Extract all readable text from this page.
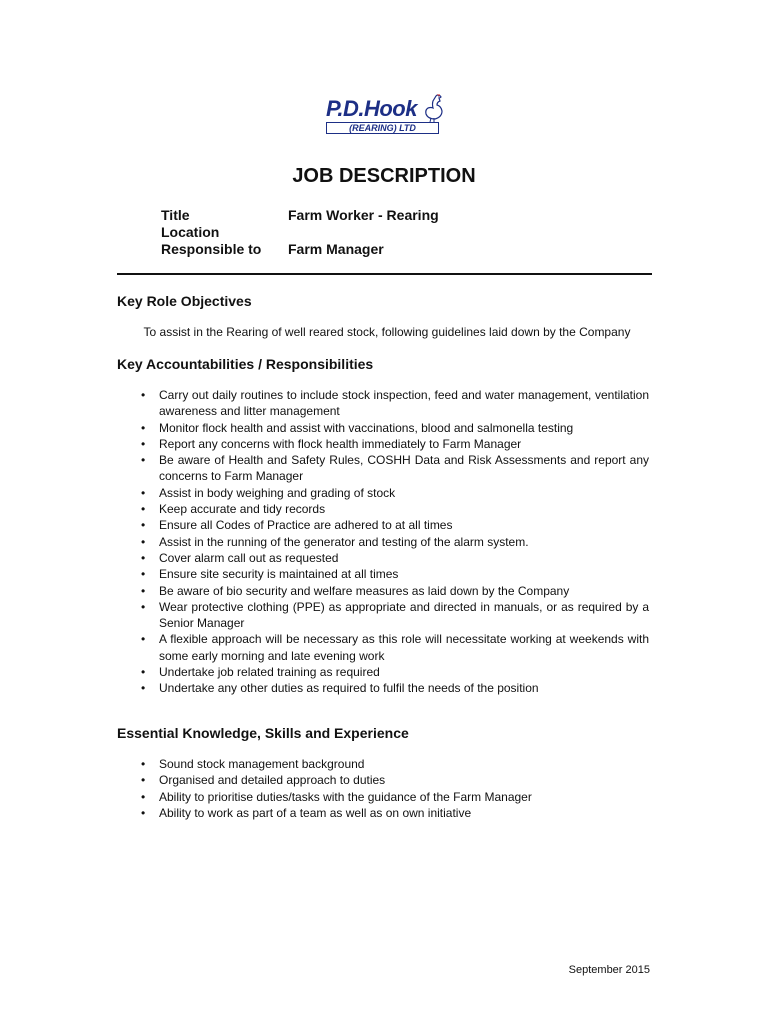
P.D.Hook
(REARING) LTD
JOB DESCRIPTION
Title	Farm Worker - Rearing
Location
Responsible to Farm Manager
Key Role Objectives
To assist in the Rearing of well reared stock, following guidelines laid down by the Company
Key Accountabilities / Responsibilities
• Carry out daily routines to include stock inspection, feed and water management, ventilation awareness and litter management
• Monitor flock health and assist with vaccinations, blood and salmonella testing
• Report any concerns with flock health immediately to Farm Manager
• Be aware of Health and Safety Rules, COSHH Data and Risk Assessments and report any concerns to Farm Manager
• Assist in body weighing and grading of stock
• Keep accurate and tidy records
• Ensure all Codes of Practice are adhered to at all times
• Assist in the running of the generator and testing of the alarm system.
• Cover alarm call out as requested
• Ensure site security is maintained at all times
• Be aware of bio security and welfare measures as laid down by the Company
• Wear protective clothing (PPE) as appropriate and directed in manuals, or as required by a Senior Manager
• A flexible approach will be necessary as this role will necessitate working at weekends with some early morning and late evening work
• Undertake job related training as required
• Undertake any other duties as required to fulfil the needs of the position
Essential Knowledge, Skills and Experience
• Sound stock management background
• Organised and detailed approach to duties
• Ability to prioritise duties/tasks with the guidance of the Farm Manager
• Ability to work as part of a team as well as on own initiative
September 2015
